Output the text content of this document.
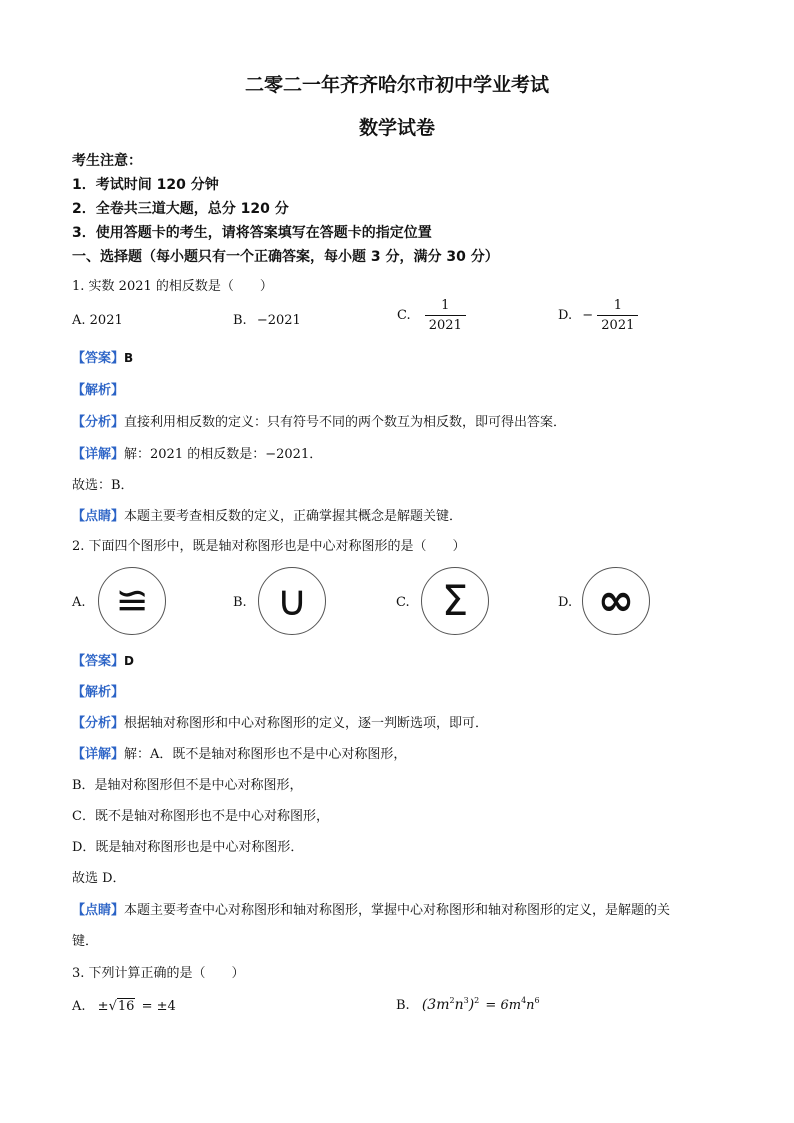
二零二一年齐齐哈尔市初中学业考试
数学试卷
考生注意：
1．考试时间 120 分钟
2．全卷共三道大题，总分 120 分
3．使用答题卡的考生，请将答案填写在答题卡的指定位置
一、选择题（每小题只有一个正确答案，每小题 3 分，满分 30 分）
1. 实数 2021 的相反数是（　　）
A. 2021	B. −2021	C. $\frac{1}{2021}$	D. − $\frac{1}{2021}$
【答案】B
【解析】
【分析】直接利用相反数的定义：只有符号不同的两个数互为相反数，即可得出答案．
【详解】解：2021 的相反数是：−2021．
故选：B．
【点睛】本题主要考查相反数的定义，正确掌握其概念是解题关键．
2. 下面四个图形中，既是轴对称图形也是中心对称图形的是（　　）
A. ≌	B. ∪	C. Σ	D. ∞
【答案】D
【解析】
【分析】根据轴对称图形和中心对称图形的定义，逐一判断选项，即可．
【详解】解：A．既不是轴对称图形也不是中心对称图形，
B．是轴对称图形但不是中心对称图形，
C．既不是轴对称图形也不是中心对称图形，
D．既是轴对称图形也是中心对称图形．
故选 D．
【点睛】本题主要考查中心对称图形和轴对称图形，掌握中心对称图形和轴对称图形的定义，是解题的关
键．
3. 下列计算正确的是（　　）
A. ±√16 = ±4	B. $(3m^2n^3)^2 = 6m^4n^6$
